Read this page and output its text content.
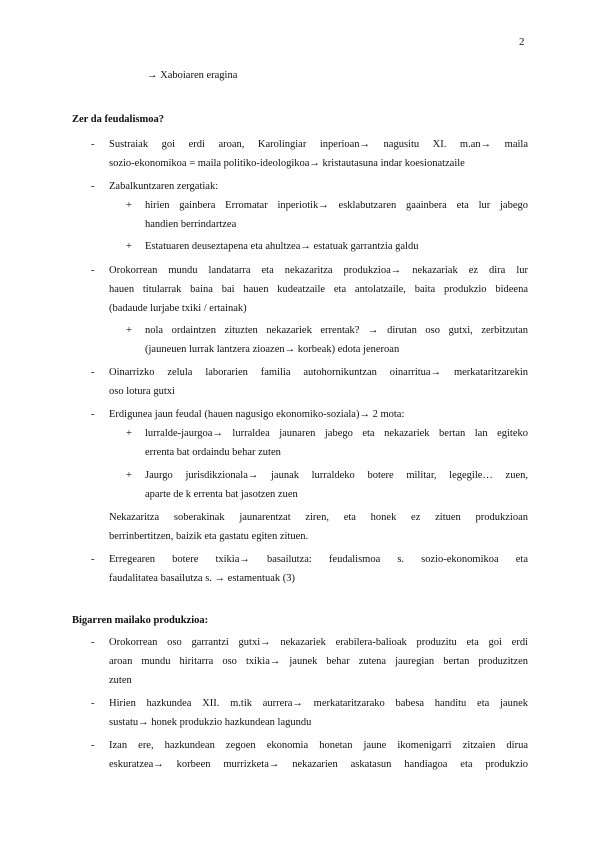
2
→ Xaboiaren eragina
Zer da feudalismoa?
- Sustraiak goi erdi aroan, Karolingiar inperioan→ nagusitu XI. m.an→ maila
sozio-ekonomikoa = maila politiko-ideologikoa→ kristautasuna indar koesionatzaile
- Zabalkuntzaren zergatiak:
+ hirien gainbera Erromatar inperiotik→ esklabutzaren gaainbera eta lur jabego
handien berrindartzea
+ Estatuaren deuseztapena eta ahultzea→ estatuak garrantzia galdu
- Orokorrean mundu landatarra eta nekazaritza produkzioa→ nekazariak ez dira lur
hauen titularrak baina bai hauen kudeatzaile eta antolatzaile, baita produkzio bideena
(badaude lurjabe txiki / ertainak)
+ nola ordaintzen zituzten nekazariek errentak? → dirutan oso gutxi, zerbitzutan
(jauneuen lurrak lantzera zioazen→ korbeak) edota jeneroan
- Oinarrizko zelula laborarien familia autohornikuntzan oinarritua→ merkataritzarekin
oso lotura gutxi
- Erdigunea jaun feudal (hauen nagusigo ekonomiko-soziala)→ 2 mota:
+ lurralde-jaurgoa→ lurraldea jaunaren jabego eta nekazariek bertan lan egiteko
errenta bat ordaindu behar zuten
+ Jaurgo jurisdikzionala→ jaunak lurraldeko botere militar, legegile… zuen,
aparte de k errenta bat jasotzen zuen
Nekazaritza soberakinak jaunarentzat ziren, eta honek ez zituen produkzioan
berrinbertitzen, baizik eta gastatu egiten zituen.
- Erregearen botere txikia→ basailutza: feudalismoa s. sozio-ekonomikoa eta
faudalitatea basailutza s. → estamentuak (3)
Bigarren mailako produkzioa:
- Orokorrean oso garrantzi gutxi→ nekazariek erabilera-balioak produzitu eta goi erdi
aroan mundu hiritarra oso txikia→ jaunek behar zutena jauregian bertan produzitzen
zuten
- Hirien hazkundea XII. m.tik aurrera→ merkataritzarako babesa handitu eta jaunek
sustatu→ honek produkzio hazkundean lagundu
- Izan ere, hazkundean zegoen ekonomia honetan jaune ikomenigarri zitzaien dirua
eskuratzea→ korbeen murrizketa→ nekazarien askatasun handiagoa eta produkzio
